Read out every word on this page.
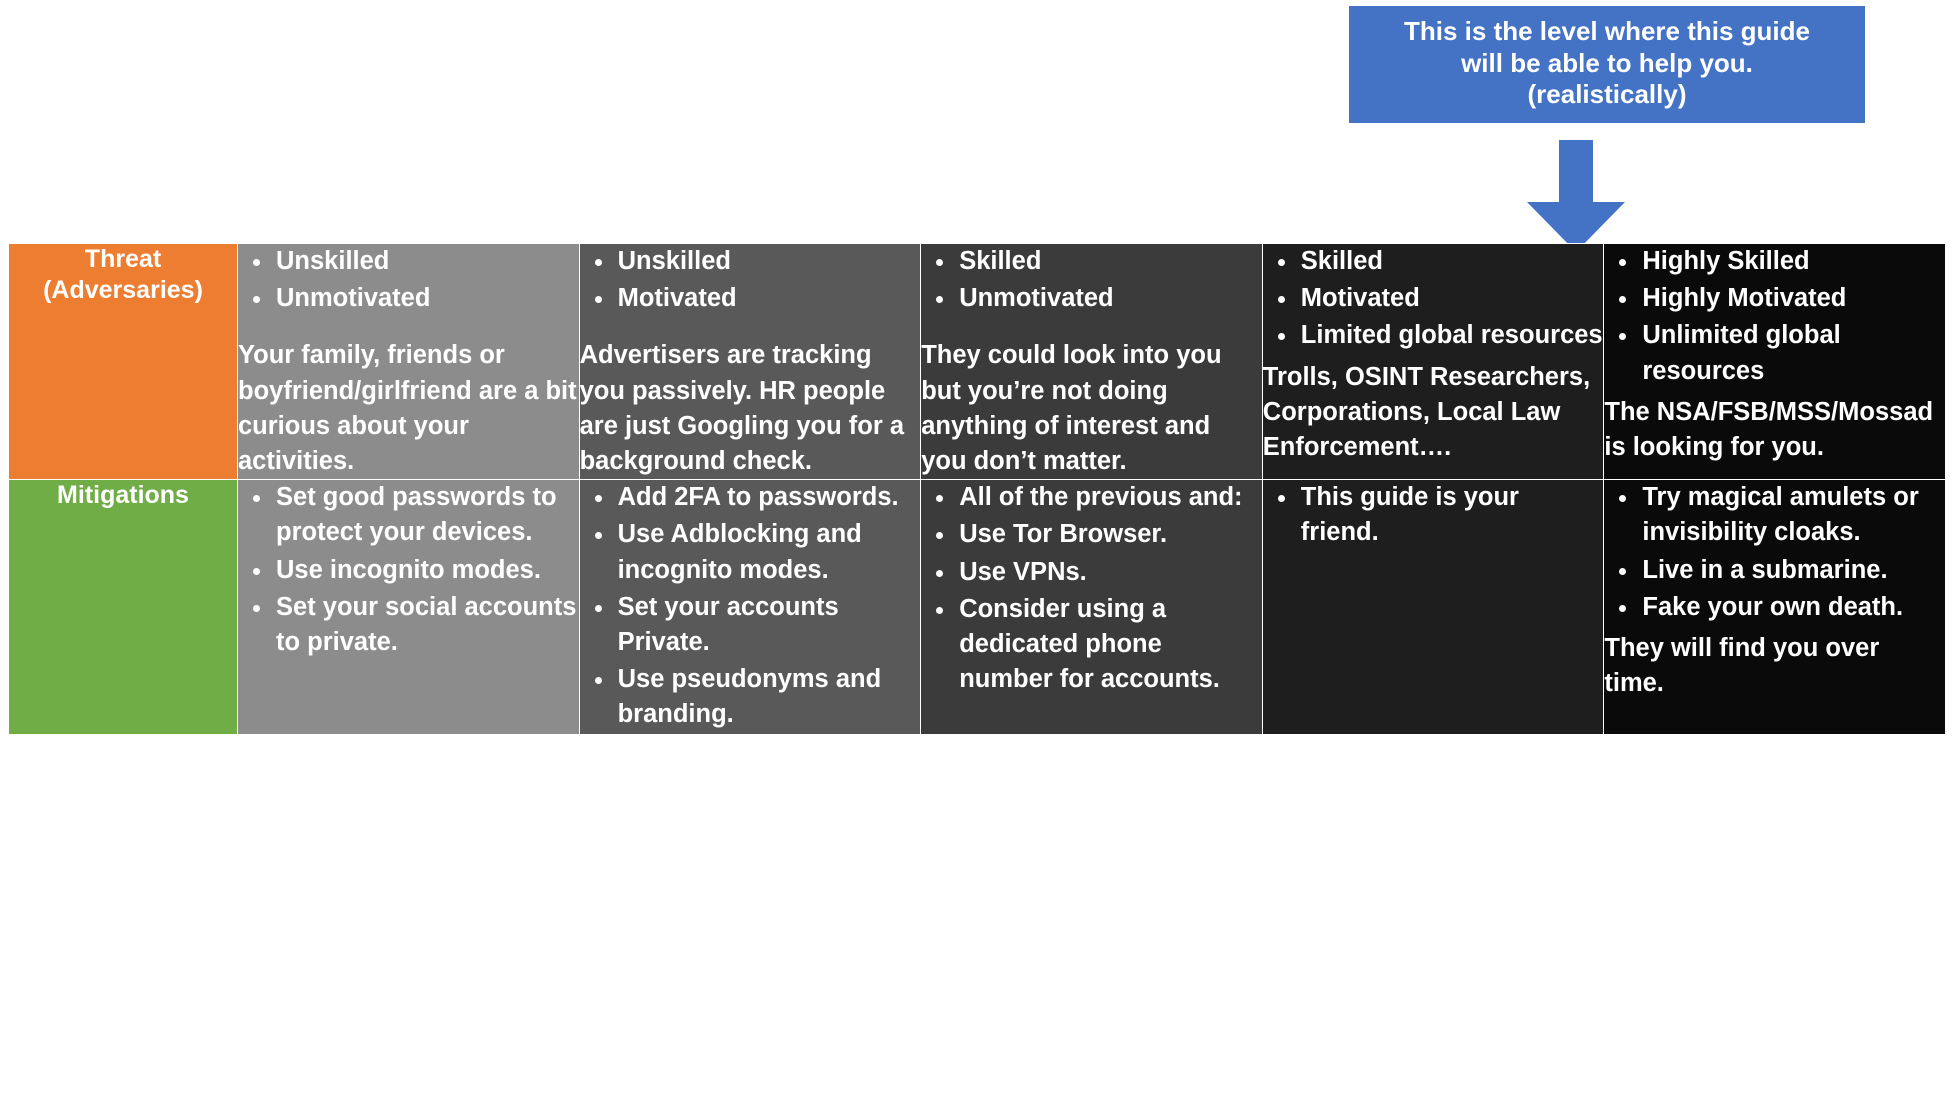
This is the level where this guide
will be able to help you.
(realistically)
Threat (Adversaries)	
• Unskilled
• Unmotivated
Your family, friends or boyfriend/girlfriend are a bit curious about your activities.

• Unskilled
• Motivated
Advertisers are tracking you passively. HR people are just Googling you for a background check.

• Skilled
• Unmotivated
They could look into you but you’re not doing anything of interest and you don’t matter.

• Skilled
• Motivated
• Limited global resources
Trolls, OSINT Researchers, Corporations, Local Law Enforcement….

• Highly Skilled
• Highly Motivated
• Unlimited global resources
The NSA/FSB/MSS/Mossad is looking for you.

Mitigations	
•Set good passwords to protect your devices.
• Use incognito modes.
• Set your social accounts to private.

• Add 2FA to passwords.
• Use Adblocking and incognito modes.
• Set your accounts Private.
• Use pseudonyms and branding.

• All of the previous and:
• Use Tor Browser.
• Use VPNs.
• Consider using a dedicated phone number for accounts.

• This guide is your friend.

• Try magical amulets or invisibility cloaks.
• Live in a submarine.
• Fake your own death.
They will find you over time.
